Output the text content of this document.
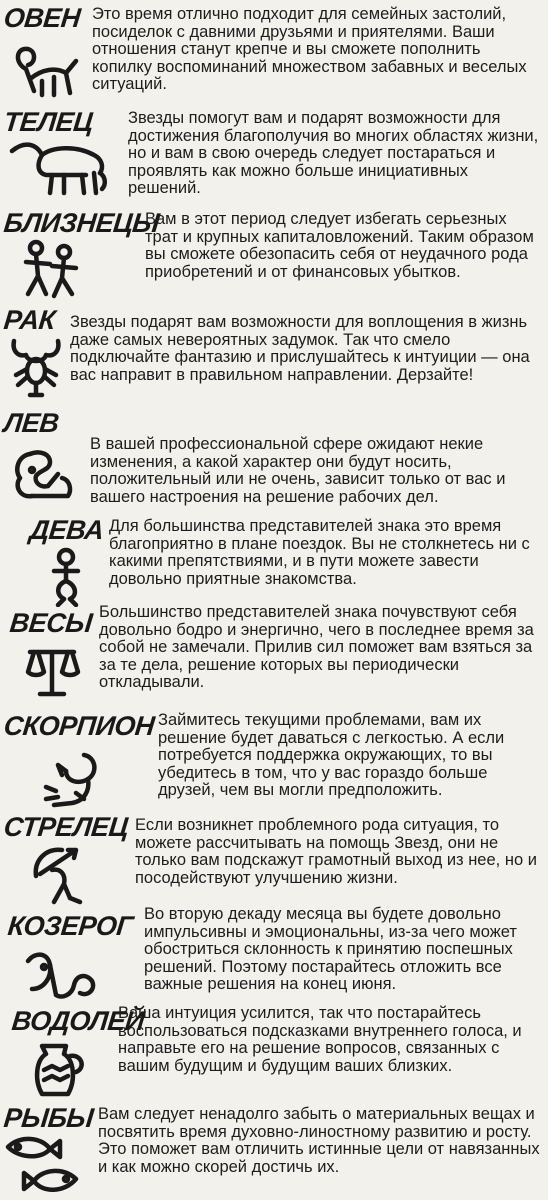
ОВЕН Это время отлично подходит для семейных застолий, посиделок с давними друзьями и приятелями. Ваши отношения станут крепче и вы сможете пополнить копилку воспоминаний множеством забавных и веселых ситуаций.

ТЕЛЕЦ Звезды помогут вам и подарят возможности для достижения благополучия во многих областях жизни, но и вам в свою очередь следует постараться и проявлять как можно больше инициативных решений.

БЛИЗНЕЦЫ

Вам в этот период следует избегать серьезных трат и крупных капиталовложений. Таким образом вы сможете обезопасить себя от неудачного рода приобретений и от финансовых убытков.

РАК Звезды подарят вам возможности для воплощения в жизнь даже самых невероятных задумок. Так что смело подключайте фантазию и прислушайтесь к интуиции — она вас направит в правильном направлении. Дерзайте!

ЛЕВ

В вашей профессиональной сфере ожидают некие изменения, а какой характер они будут носить, положительный или не очень, зависит только от вас и вашего настроения на решение рабочих дел.

ДЕВА Для большинства представителей знака это время благоприятно в плане поездок. Вы не столкнетесь ни с какими препятствиями, и в пути можете завести довольно приятные знакомства.

ВЕСЫ Большинство представителей знака почувствуют себя довольно бодро и энергично, чего в последнее время за собой не замечали. Прилив сил поможет вам взяться за за те дела, решение которых вы периодически откладывали.

СКОРПИОН Займитесь текущими проблемами, вам их решение будет даваться с легкостью. А если потребуется поддержка окружающих, то вы убедитесь в том, что у вас гораздо больше друзей, чем вы могли предположить.

СТРЕЛЕЦ Если возникнет проблемного рода ситуация, то можете рассчитывать на помощь Звезд, они не только вам подскажут грамотный выход из нее, но и посодействуют улучшению жизни.

КОЗЕРОГ Во вторую декаду месяца вы будете довольно импульсивны и эмоциональны, из-за чего может обостриться склонность к принятию поспешных решений. Поэтому постарайтесь отложить все важные решения на конец июня.

ВОДОЛЕЙ

Ваша интуиция усилится, так что постарайтесь воспользоваться подсказками внутреннего голоса, и направьте его на решение вопросов, связанных с вашим будущим и будущим ваших близких.

РЫБЫ Вам следует ненадолго забыть о материальных вещах и посвятить время духовно-линостному развитию и росту. Это поможет вам отличить истинные цели от навязанных и как можно скорей достичь их.
